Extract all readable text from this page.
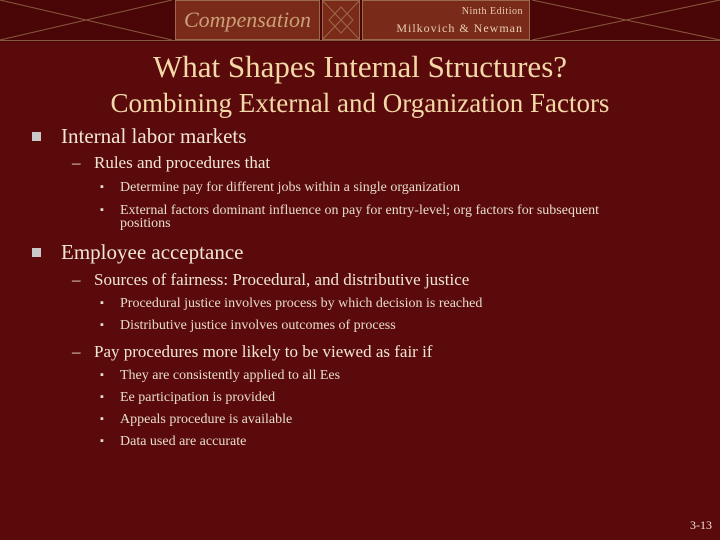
Compensation	Ninth Edition
Milkovich & Newman
What Shapes Internal Structures?
Combining External and Organization Factors
Internal labor markets
– Rules and procedures that
▪ Determine pay for different jobs within a single organization
▪ External factors dominant influence on pay for entry-level; org factors for subsequent positions
Employee acceptance
– Sources of fairness: Procedural, and distributive justice
▪ Procedural justice involves process by which decision is reached
▪ Distributive justice involves outcomes of process
– Pay procedures more likely to be viewed as fair if
▪ They are consistently applied to all Ees
▪ Ee participation is provided
▪ Appeals procedure is available
▪ Data used are accurate
3-13
